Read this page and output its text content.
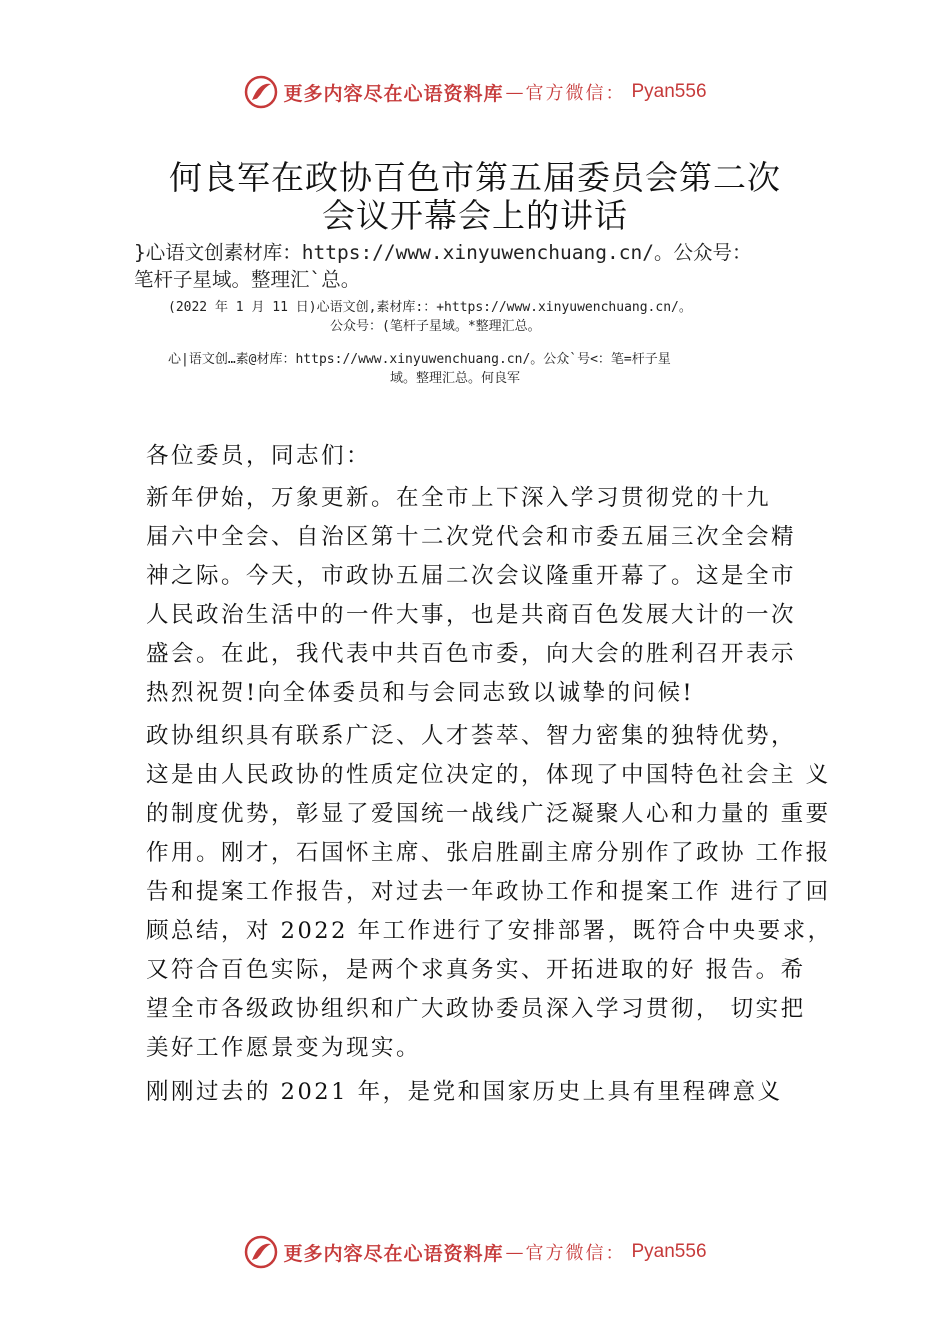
更多内容尽在心语资料库 — 官方微信： Pyan556
何良军在政协百色市第五届委员会第二次
会议开幕会上的讲话

}心语文创素材库：https://www.xinyuwenchuang.cn/。公众号：

笔杆子星域。整理汇`总。

(2022 年 1 月 11 日)心语文创,素材库:：+https://www.xinyuwenchuang.cn/。

公众号：(笔杆子星域。*整理汇总。

心|语文创…素@材库：https://www.xinyuwenchuang.cn/。公众`号<：笔=杆子星

域。整理汇总。何良军

各位委员，同志们：

新年伊始，万象更新。在全市上下深入学习贯彻党的十九

届六中全会、自治区第十二次党代会和市委五届三次全会精

神之际。今天，市政协五届二次会议隆重开幕了。这是全市

人民政治生活中的一件大事，也是共商百色发展大计的一次

盛会。在此，我代表中共百色市委，向大会的胜利召开表示

热烈祝贺!向全体委员和与会同志致以诚挚的问候!

政协组织具有联系广泛、人才荟萃、智力密集的独特优势，

这是由人民政协的性质定位决定的，体现了中国特色社会主 义

的制度优势，彰显了爱国统一战线广泛凝聚人心和力量的 重要

作用。刚才，石国怀主席、张启胜副主席分别作了政协 工作报

告和提案工作报告，对过去一年政协工作和提案工作 进行了回

顾总结，对 2022 年工作进行了安排部署，既符合中央要求，

又符合百色实际，是两个求真务实、开拓进取的好 报告。希

望全市各级政协组织和广大政协委员深入学习贯彻， 切实把

美好工作愿景变为现实。

刚刚过去的 2021 年，是党和国家历史上具有里程碑意义

更多内容尽在心语资料库 — 官方微信： Pyan556
